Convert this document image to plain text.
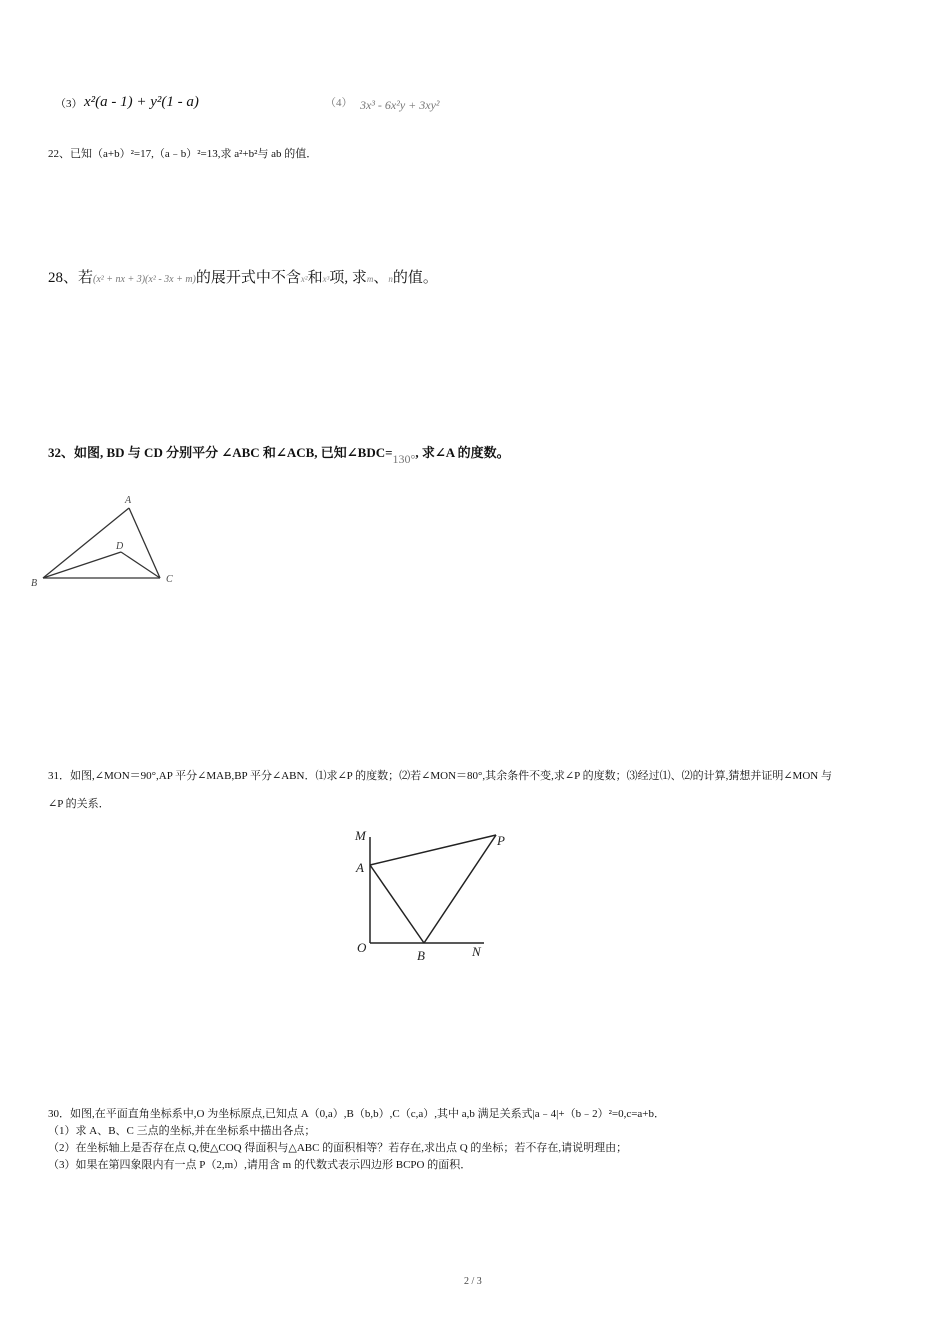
（3） x²(a - 1) + y²(1 - a)	（4） 3x³ - 6x²y + 3xy²
22、已知（a+b）²=17,（a﹣b）²=13,求 a²+b²与 ab 的值．
28、若(x² + nx + 3)(x² - 3x + m)的展开式中不含x²和x³项, 求m、n的值。
32、如图, BD 与 CD 分别平分 ∠ABC 和∠ACB, 已知∠BDC=130°, 求∠A 的度数。
A
D
B	C
31．如图,∠MON＝90°,AP 平分∠MAB,BP 平分∠ABN．⑴求∠P 的度数；⑵若∠MON＝80°,其余条件不变,求∠P 的度数；⑶经过⑴、⑵的计算,猜想并证明∠MON 与
∠P 的关系．
M
A
O
B	N
P
30．如图,在平面直角坐标系中,O 为坐标原点,已知点 A（0,a）,B（b,b）,C（c,a）,其中 a,b 满足关系式|a﹣4|+（b﹣2）²=0,c=a+b．
（1）求 A、B、C 三点的坐标,并在坐标系中描出各点；
（2）在坐标轴上是否存在点 Q,使△COQ 得面积与△ABC 的面积相等？若存在,求出点 Q 的坐标；若不存在,请说明理由；
（3）如果在第四象限内有一点 P（2,m）,请用含 m 的代数式表示四边形 BCPO 的面积．
2 / 3
